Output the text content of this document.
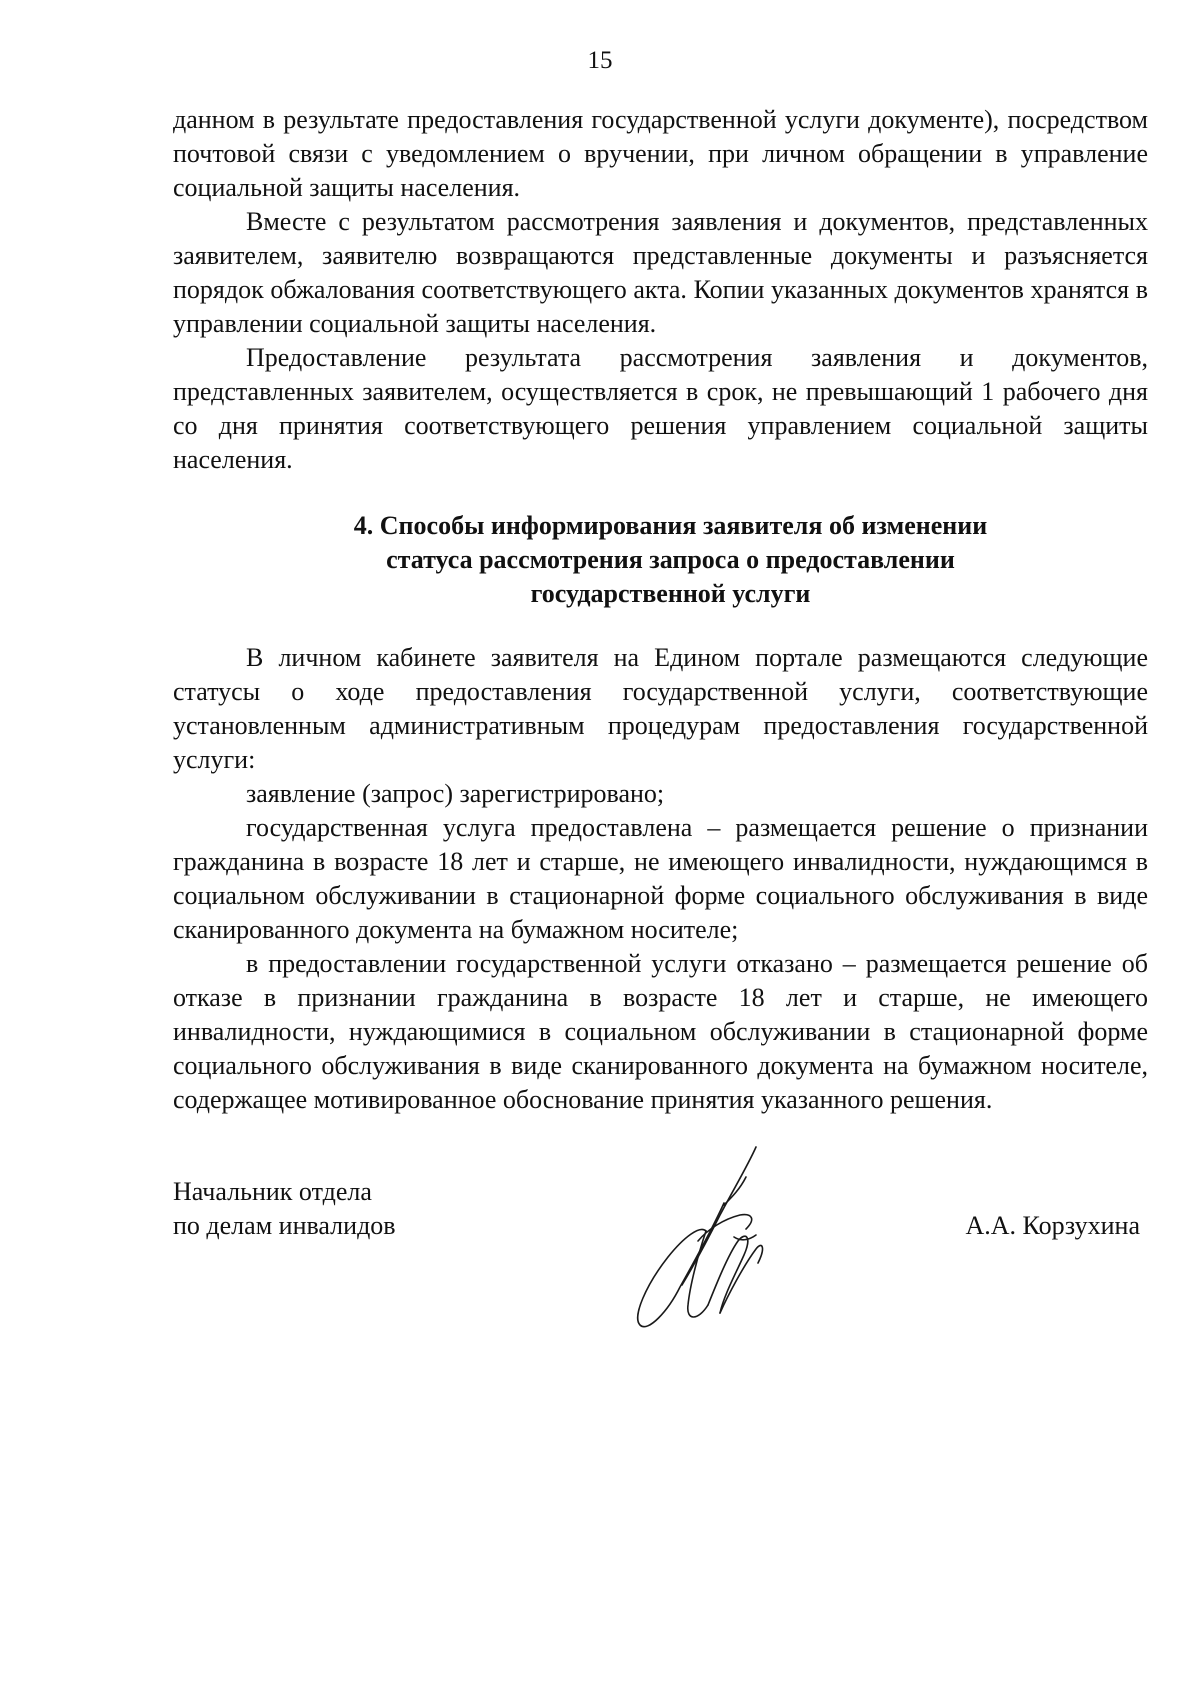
15

данном в результате предоставления государственной услуги документе), посредством почтовой связи с уведомлением о вручении, при личном обращении в управление социальной защиты населения.

Вместе с результатом рассмотрения заявления и документов, представленных заявителем, заявителю возвращаются представленные документы и разъясняется порядок обжалования соответствующего акта. Копии указанных документов хранятся в управлении социальной защиты населения.

Предоставление результата рассмотрения заявления и документов, представленных заявителем, осуществляется в срок, не превышающий 1 рабочего дня со дня принятия соответствующего решения управлением социальной защиты населения.

4. Способы информирования заявителя об изменении
статуса рассмотрения запроса о предоставлении
государственной услуги

В личном кабинете заявителя на Едином портале размещаются следующие статусы о ходе предоставления государственной услуги, соответствующие установленным административным процедурам предоставления государственной услуги:

заявление (запрос) зарегистрировано;

государственная услуга предоставлена – размещается решение о признании гражданина в возрасте 18 лет и старше, не имеющего инвалидности, нуждающимся в социальном обслуживании в стационарной форме социального обслуживания в виде сканированного документа на бумажном носителе;

в предоставлении государственной услуги отказано – размещается решение об отказе в признании гражданина в возрасте 18 лет и старше, не имеющего инвалидности, нуждающимися в социальном обслуживании в стационарной форме социального обслуживания в виде сканированного документа на бумажном носителе, содержащее мотивированное обоснование принятия указанного решения.

Начальник отдела
по делам инвалидов	А.А. Корзухина
